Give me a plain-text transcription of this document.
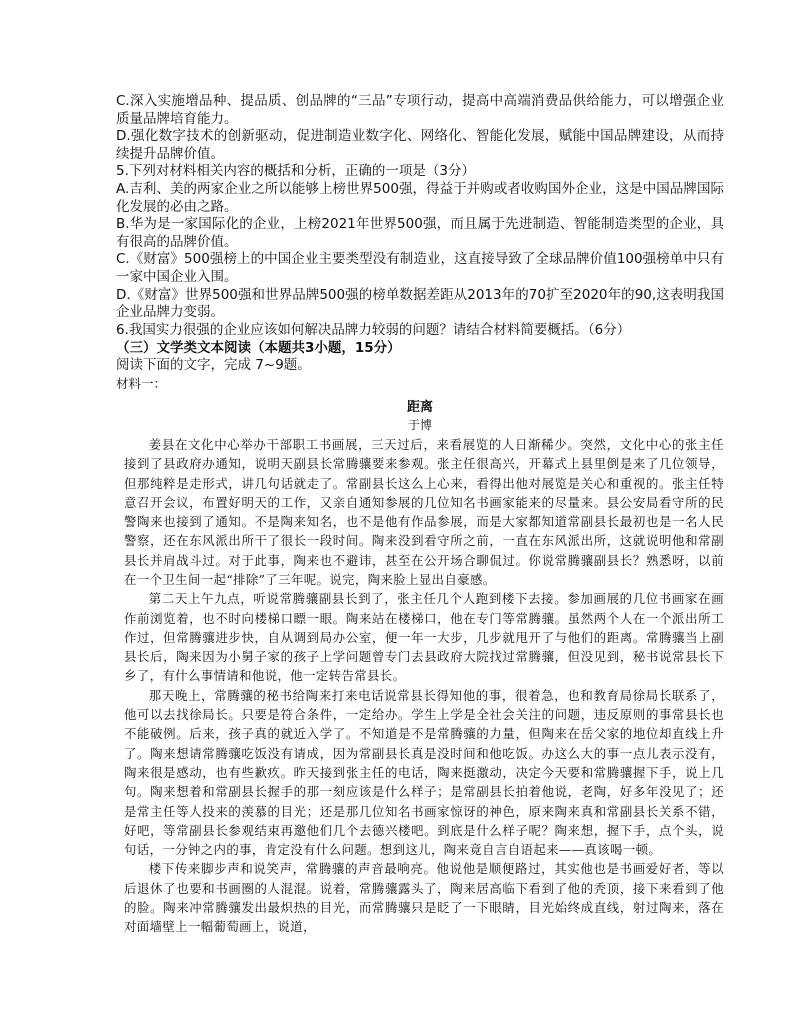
C.深入实施增品种、提品质、创品牌的“三品”专项行动，提高中高端消费品供给能力，可以增强企业质量品牌培育能力。

D.强化数字技术的创新驱动，促进制造业数字化、网络化、智能化发展，赋能中国品牌建设，从而持续提升品牌价值。

5.下列对材料相关内容的概括和分析，正确的一项是（3分）

A.吉利、美的两家企业之所以能够上榜世界500强，得益于并购或者收购国外企业，这是中国品牌国际化发展的必由之路。

B.华为是一家国际化的企业，上榜2021年世界500强，而且属于先进制造、智能制造类型的企业，具有很高的品牌价值。

C.《财富》500强榜上的中国企业主要类型没有制造业，这直接导致了全球品牌价值100强榜单中只有一家中国企业入围。

D.《财富》世界500强和世界品牌500强的榜单数据差距从2013年的70扩至2020年的90,这表明我国企业品牌力变弱。

6.我国实力很强的企业应该如何解决品牌力较弱的问题？请结合材料简要概括。（6分）

（三）文学类文本阅读（本题共3小题，15分）

阅读下面的文字，完成 7~9题。

材料一：

距离

于博

姜县在文化中心举办干部职工书画展，三天过后，来看展览的人日渐稀少。突然，文化中心的张主任接到了县政府办通知，说明天副县长常腾骧要来参观。张主任很高兴，开幕式上县里倒是来了几位领导，但那纯粹是走形式，讲几句话就走了。常副县长这么上心来，看得出他对展览是关心和重视的。张主任特意召开会议，布置好明天的工作，又亲自通知参展的几位知名书画家能来的尽量来。县公安局看守所的民警陶来也接到了通知。不是陶来知名，也不是他有作品参展，而是大家都知道常副县长最初也是一名人民警察，还在东风派出所干了很长一段时间。陶来没到看守所之前，一直在东风派出所，这就说明他和常副县长并肩战斗过。对于此事，陶来也不避讳，甚至在公开场合聊侃过。你说常腾骧副县长？熟悉呀，以前在一个卫生间一起“排除”了三年呢。说完，陶来脸上显出自豪感。

第二天上午九点，听说常腾骧副县长到了，张主任几个人跑到楼下去接。参加画展的几位书画家在画作前浏览着，也不时向楼梯口瞟一眼。陶来站在楼梯口，他在专门等常腾骧。虽然两个人在一个派出所工作过，但常腾骧进步快，自从调到局办公室，便一年一大步，几步就甩开了与他们的距离。常腾骧当上副县长后，陶来因为小舅子家的孩子上学问题曾专门去县政府大院找过常腾骧，但没见到，秘书说常县长下乡了，有什么事情请和他说，他一定转告常县长。

那天晚上，常腾骧的秘书给陶来打来电话说常县长得知他的事，很着急，也和教育局徐局长联系了，他可以去找徐局长。只要是符合条件，一定给办。学生上学是全社会关注的问题，违反原则的事常县长也不能破例。后来，孩子真的就近入学了。不知道是不是常腾骧的力量，但陶来在岳父家的地位却直线上升了。陶来想请常腾骧吃饭没有请成，因为常副县长真是没时间和他吃饭。办这么大的事一点儿表示没有，陶来很是感动，也有些歉疚。昨天接到张主任的电话，陶来挺激动，决定今天要和常腾骧握下手，说上几句。陶来想着和常副县长握手的那一刻应该是什么样子；是常副县长拍着他说，老陶，好多年没见了；还是常主任等人投来的羡慕的目光；还是那几位知名书画家惊讶的神色，原来陶来真和常副县长关系不错，好吧，等常副县长参观结束再邀他们几个去德兴楼吧。到底是什么样子呢？陶来想，握下手，点个头，说句话，一分钟之内的事，肯定没有什么问题。想到这儿，陶来竟自言自语起来——真该喝一顿。

楼下传来脚步声和说笑声，常腾骧的声音最响亮。他说他是顺便路过，其实他也是书画爱好者，等以后退休了也要和书画圈的人混混。说着，常腾骧露头了，陶来居高临下看到了他的秃顶，接下来看到了他的脸。陶来冲常腾骧发出最炽热的目光，而常腾骧只是眨了一下眼睛，目光始终成直线，射过陶来，落在对面墙壁上一幅葡萄画上，说道，
